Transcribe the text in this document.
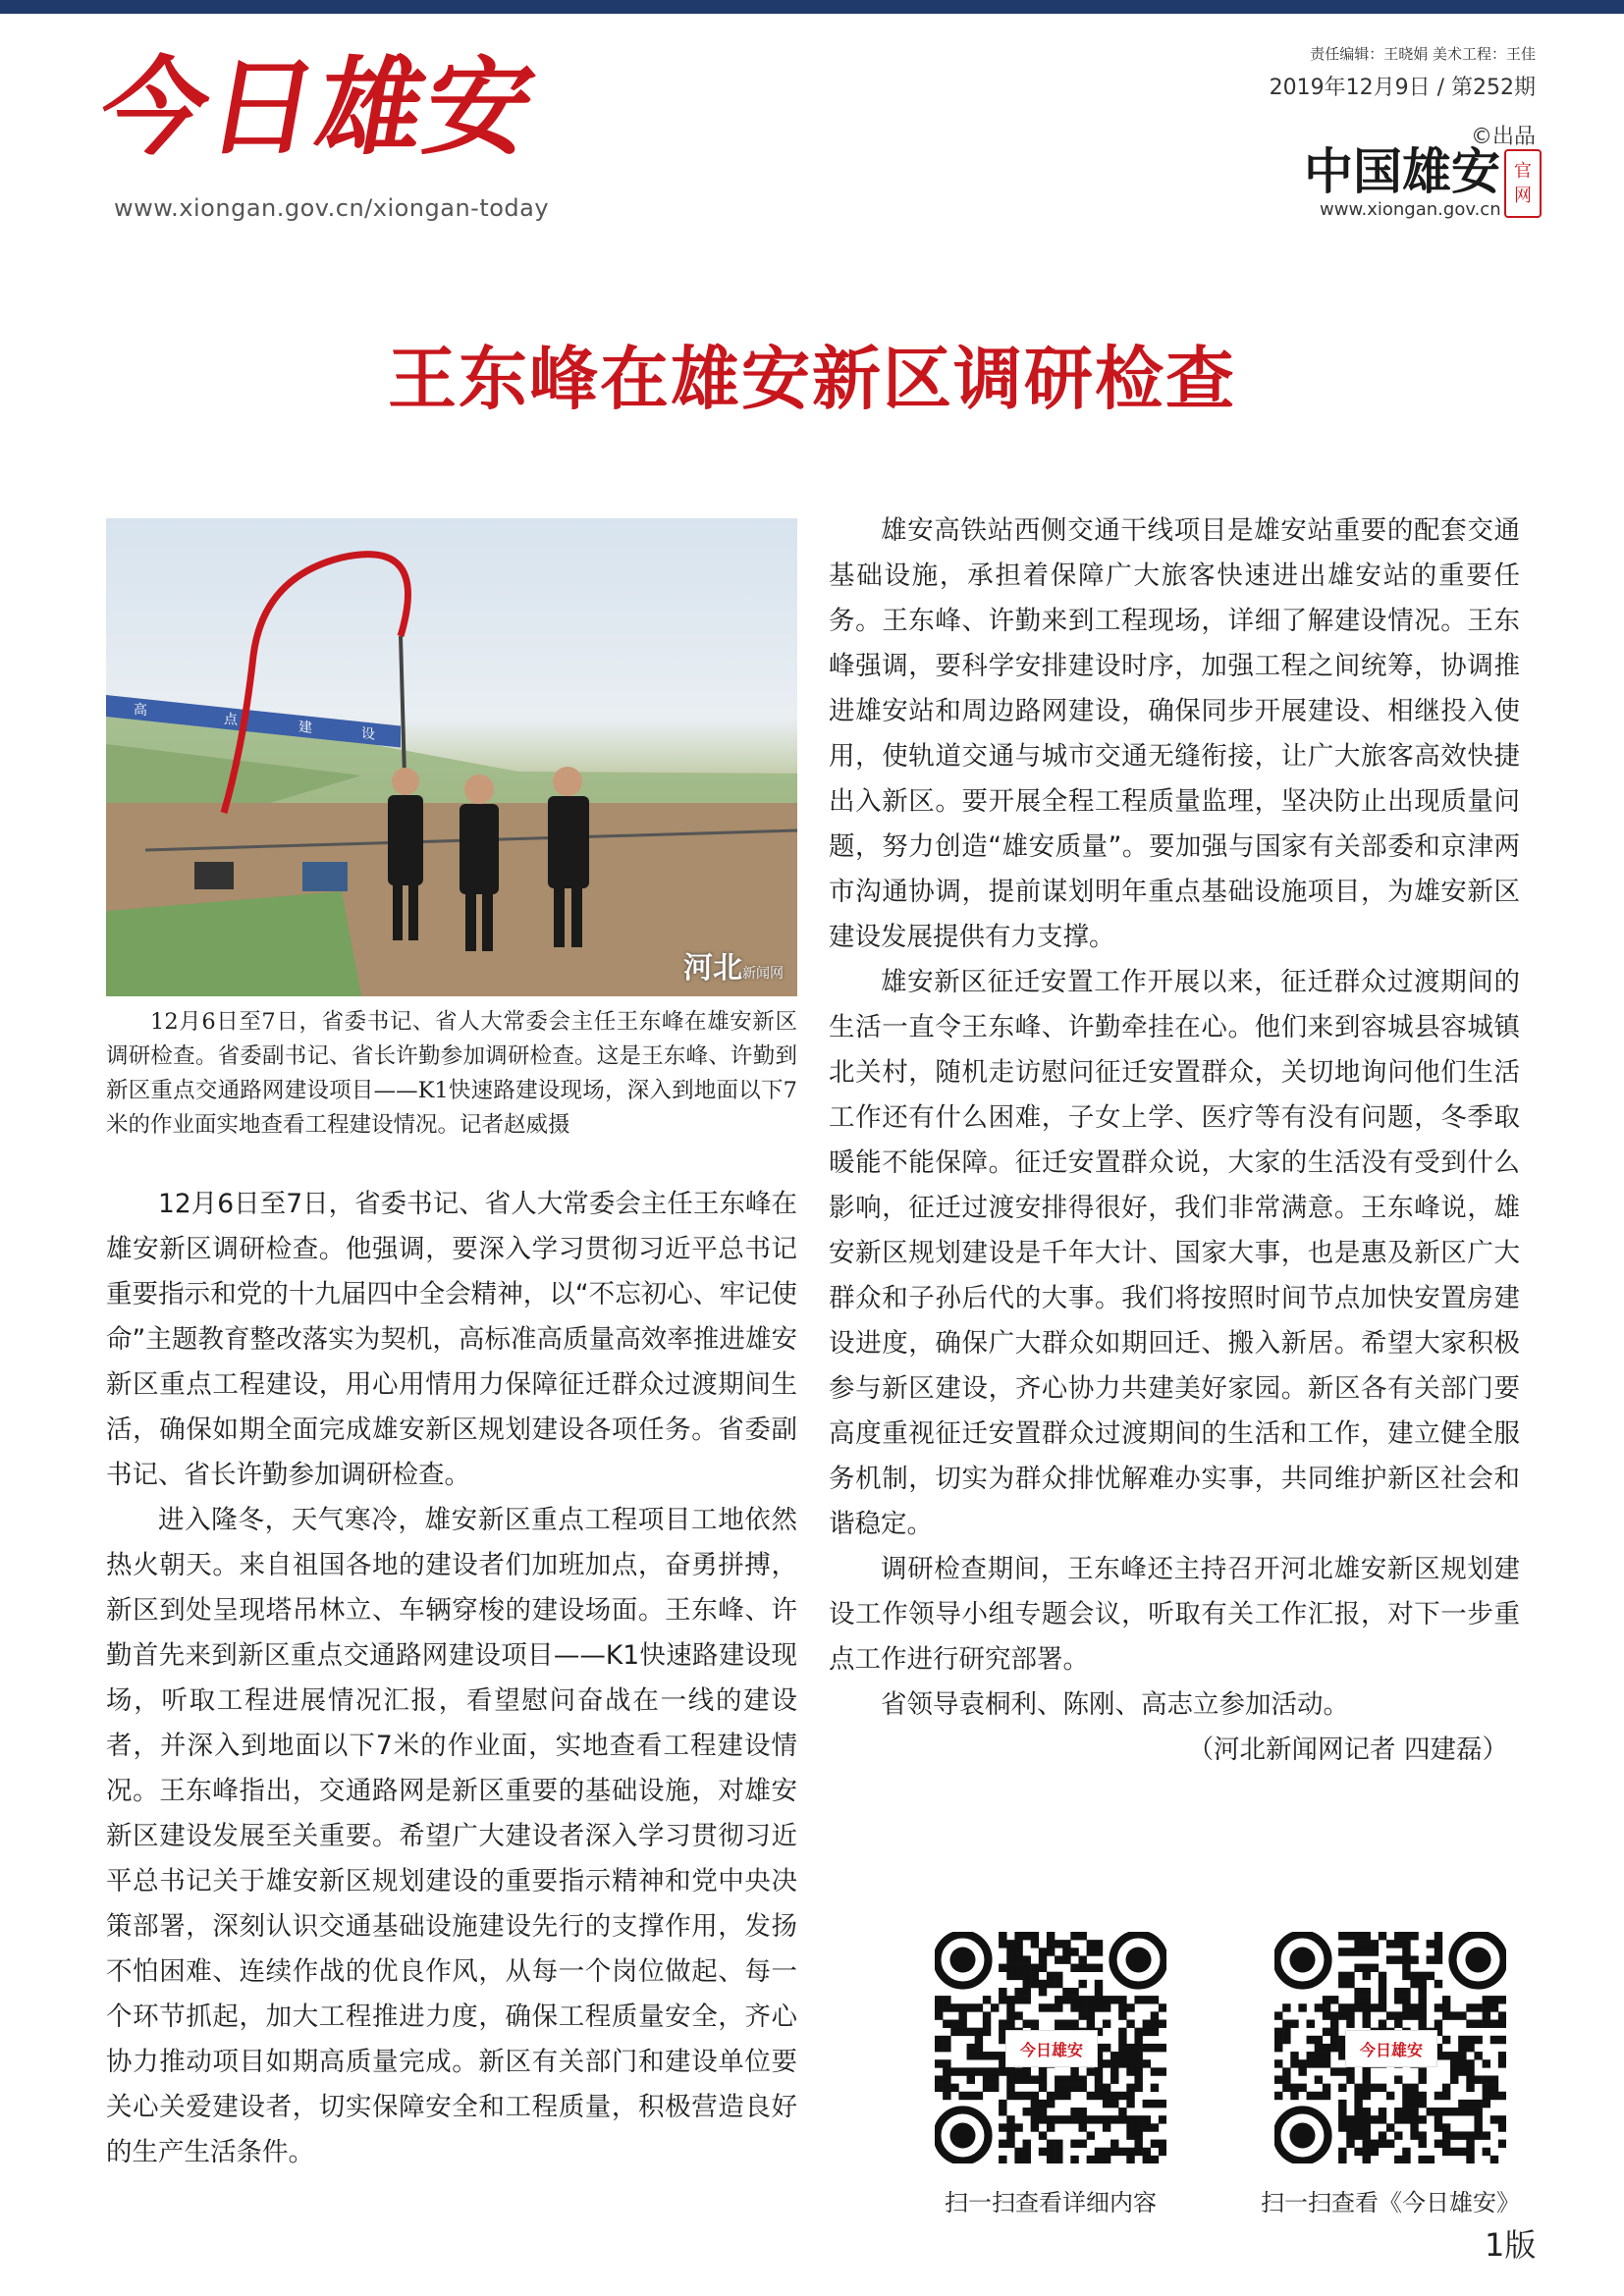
今日雄安
www.xiongan.gov.cn/xiongan-today
责任编辑：王晓娟 美术工程：王佳
2019年12月9日 / 第252期
©出品
中国雄安 官
网
www.xiongan.gov.cn
王东峰在雄安新区调研检查
高
点	建	设
河北新闻网

12月6日至7日，省委书记、省人大常委会主任王东峰在雄安新区调研检查。省委副书记、省长许勤参加调研检查。这是王东峰、许勤到新区重点交通路网建设项目——K1快速路建设现场，深入到地面以下7米的作业面实地查看工程建设情况。记者赵威摄

12月6日至7日，省委书记、省人大常委会主任王东峰在雄安新区调研检查。他强调，要深入学习贯彻习近平总书记重要指示和党的十九届四中全会精神，以“不忘初心、牢记使命”主题教育整改落实为契机，高标准高质量高效率推进雄安新区重点工程建设，用心用情用力保障征迁群众过渡期间生活，确保如期全面完成雄安新区规划建设各项任务。省委副书记、省长许勤参加调研检查。

进入隆冬，天气寒冷，雄安新区重点工程项目工地依然热火朝天。来自祖国各地的建设者们加班加点，奋勇拼搏，新区到处呈现塔吊林立、车辆穿梭的建设场面。王东峰、许勤首先来到新区重点交通路网建设项目——K1快速路建设现场，听取工程进展情况汇报，看望慰问奋战在一线的建设者，并深入到地面以下7米的作业面，实地查看工程建设情况。王东峰指出，交通路网是新区重要的基础设施，对雄安新区建设发展至关重要。希望广大建设者深入学习贯彻习近平总书记关于雄安新区规划建设的重要指示精神和党中央决策部署，深刻认识交通基础设施建设先行的支撑作用，发扬不怕困难、连续作战的优良作风，从每一个岗位做起、每一个环节抓起，加大工程推进力度，确保工程质量安全，齐心协力推动项目如期高质量完成。新区有关部门和建设单位要关心关爱建设者，切实保障安全和工程质量，积极营造良好的生产生活条件。

雄安高铁站西侧交通干线项目是雄安站重要的配套交通基础设施，承担着保障广大旅客快速进出雄安站的重要任务。王东峰、许勤来到工程现场，详细了解建设情况。王东峰强调，要科学安排建设时序，加强工程之间统筹，协调推进雄安站和周边路网建设，确保同步开展建设、相继投入使用，使轨道交通与城市交通无缝衔接，让广大旅客高效快捷出入新区。要开展全程工程质量监理，坚决防止出现质量问题，努力创造“雄安质量”。要加强与国家有关部委和京津两市沟通协调，提前谋划明年重点基础设施项目，为雄安新区建设发展提供有力支撑。

雄安新区征迁安置工作开展以来，征迁群众过渡期间的生活一直令王东峰、许勤牵挂在心。他们来到容城县容城镇北关村，随机走访慰问征迁安置群众，关切地询问他们生活工作还有什么困难，子女上学、医疗等有没有问题，冬季取暖能不能保障。征迁安置群众说，大家的生活没有受到什么影响，征迁过渡安排得很好，我们非常满意。王东峰说，雄安新区规划建设是千年大计、国家大事，也是惠及新区广大群众和子孙后代的大事。我们将按照时间节点加快安置房建设进度，确保广大群众如期回迁、搬入新居。希望大家积极参与新区建设，齐心协力共建美好家园。新区各有关部门要高度重视征迁安置群众过渡期间的生活和工作，建立健全服务机制，切实为群众排忧解难办实事，共同维护新区社会和谐稳定。

调研检查期间，王东峰还主持召开河北雄安新区规划建设工作领导小组专题会议，听取有关工作汇报，对下一步重点工作进行研究部署。

省领导袁桐利、陈刚、高志立参加活动。

（河北新闻网记者 四建磊）

今日雄安
扫一扫查看详细内容
今日雄安
扫一扫查看《今日雄安》
1版
